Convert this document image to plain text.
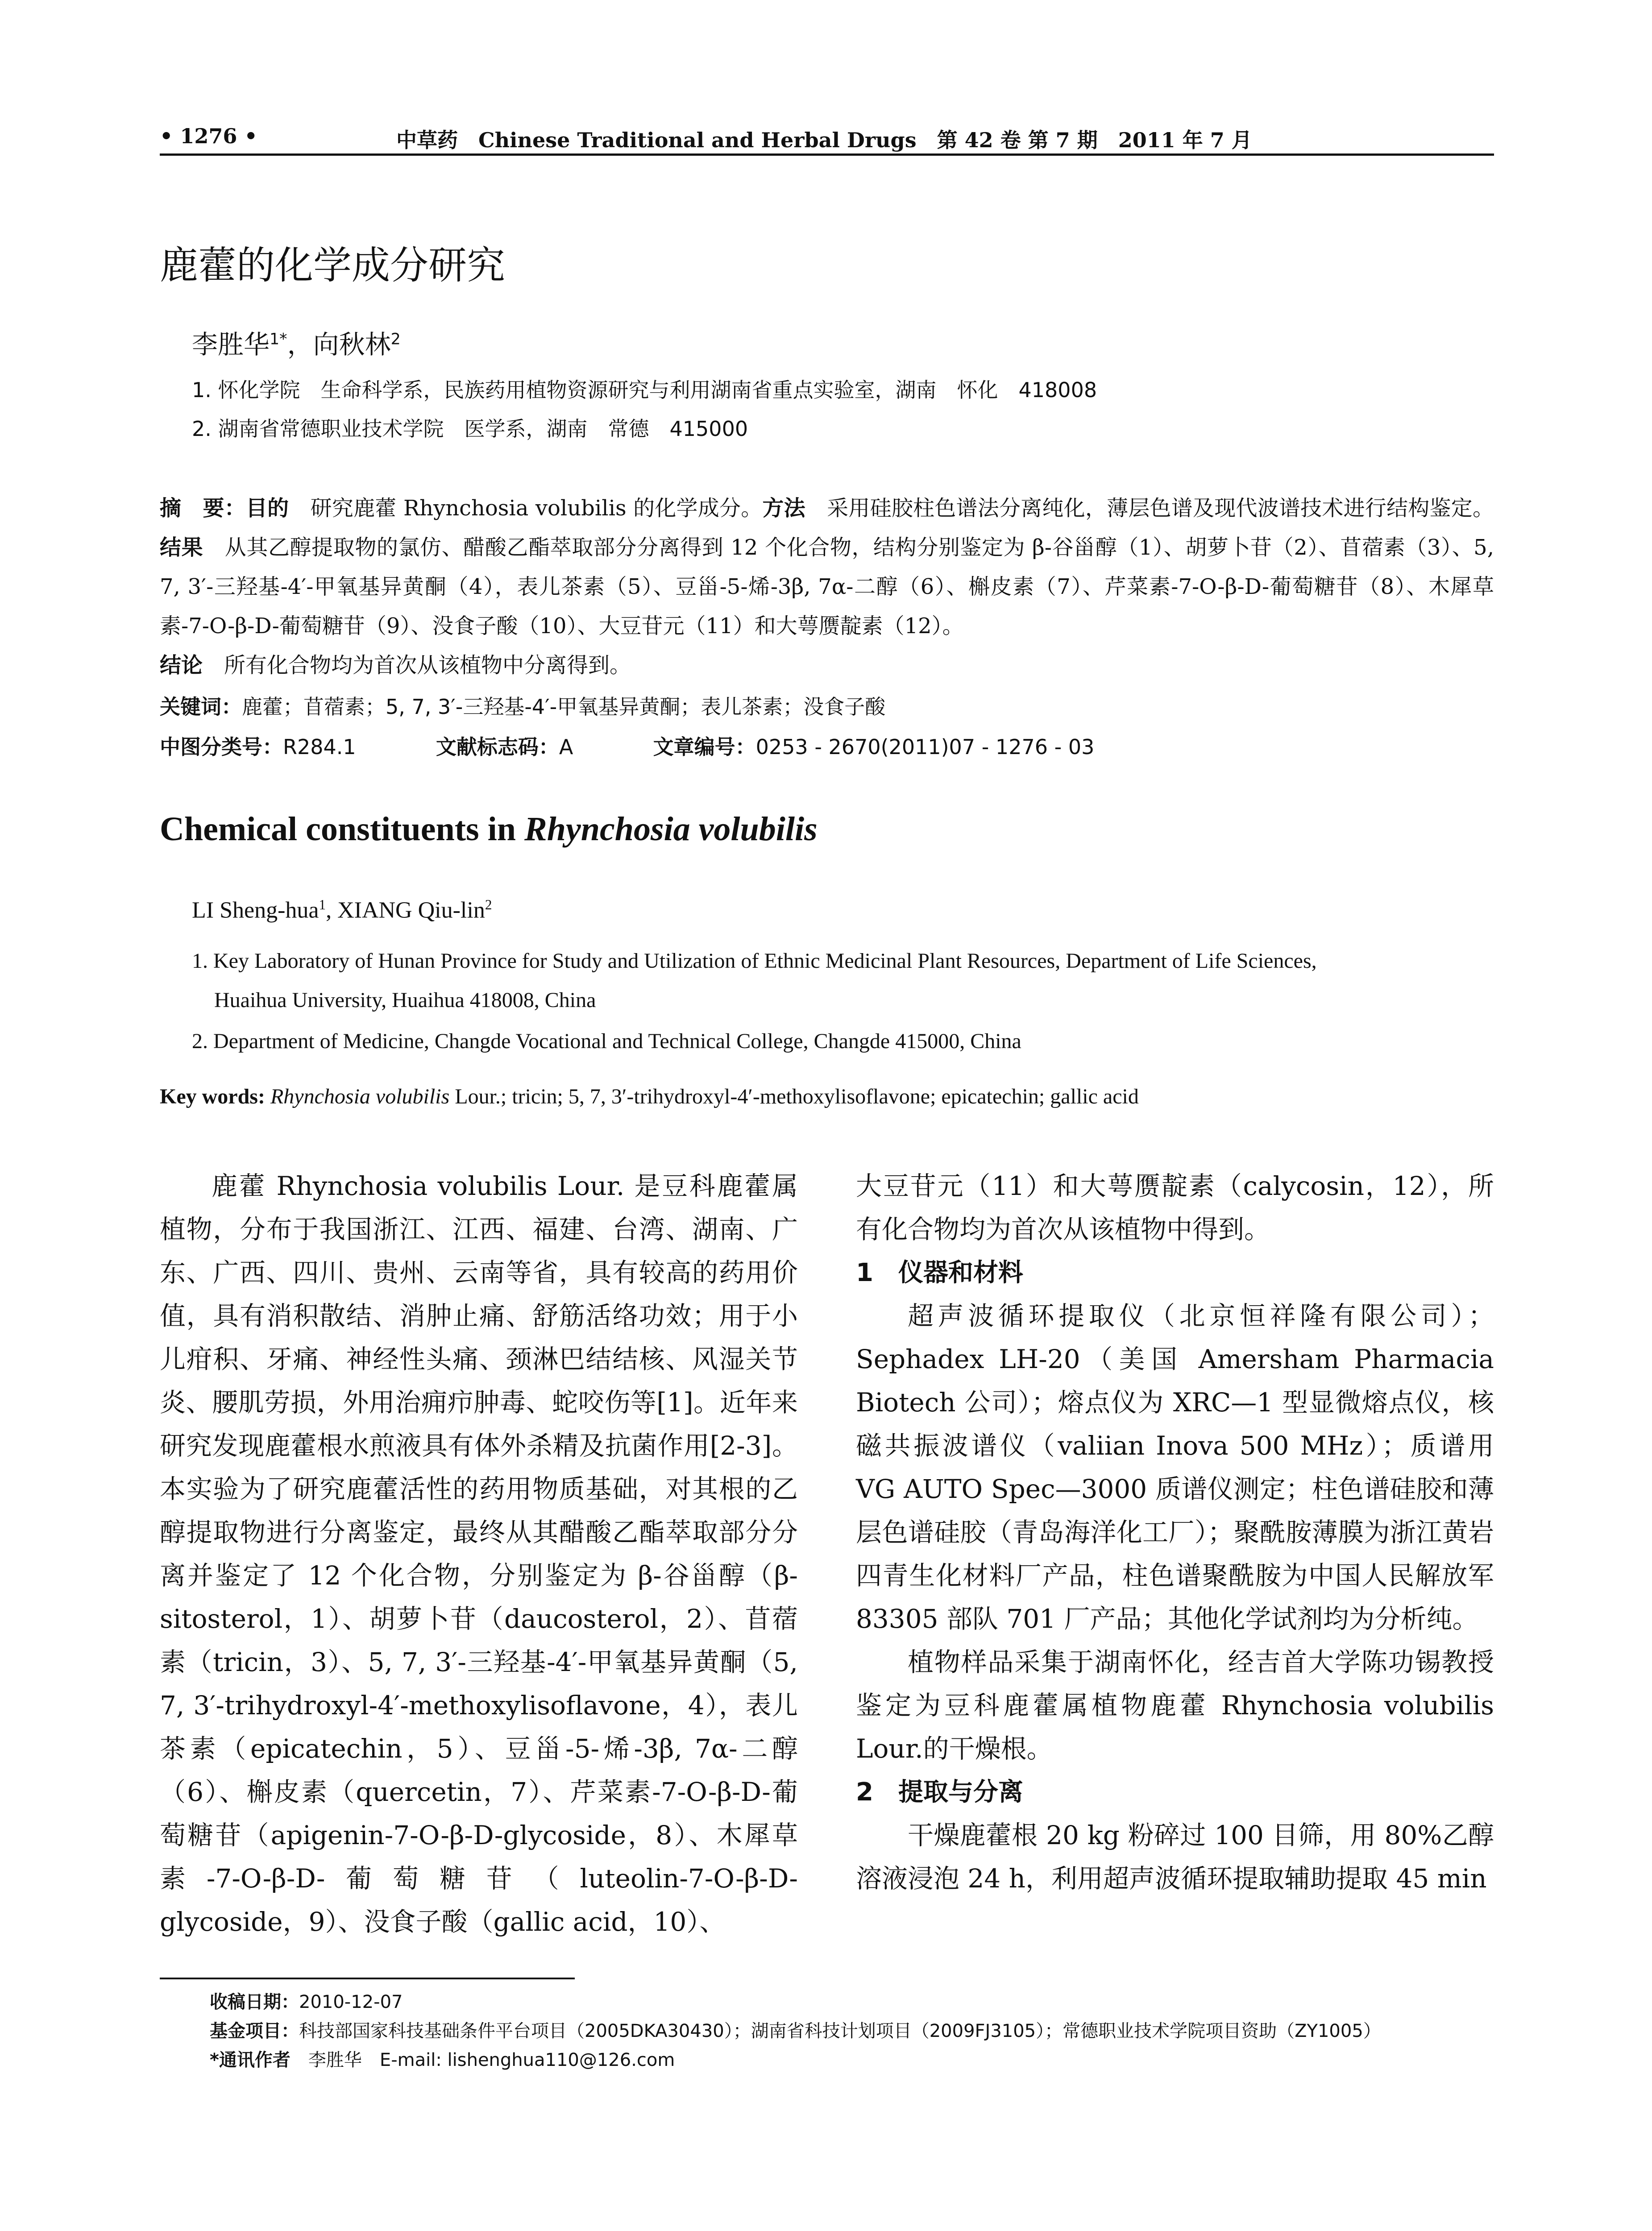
• 1276 •	中草药　Chinese Traditional and Herbal Drugs　第 42 卷 第 7 期　2011 年 7 月
鹿藿的化学成分研究
李胜华$^{1*}$，向秋林$^2$
1. 怀化学院　生命科学系，民族药用植物资源研究与利用湖南省重点实验室，湖南　怀化　418008
2. 湖南省常德职业技术学院　医学系，湖南　常德　415000
摘　要：目的　研究鹿藿 Rhynchosia volubilis 的化学成分。方法　采用硅胶柱色谱法分离纯化，薄层色谱及现代波谱技术进行结构鉴定。结果　从其乙醇提取物的氯仿、醋酸乙酯萃取部分分离得到 12 个化合物，结构分别鉴定为 β-谷甾醇（1）、胡萝卜苷（2）、苜蓿素（3）、5, 7, 3′-三羟基-4′-甲氧基异黄酮（4），表儿茶素（5）、豆甾-5-烯-3β, 7α-二醇（6）、槲皮素（7）、芹菜素-7-O-β-D-葡萄糖苷（8）、木犀草素-7-O-β-D-葡萄糖苷（9）、没食子酸（10）、大豆苷元（11）和大萼赝靛素（12）。
结论　所有化合物均为首次从该植物中分离得到。
关键词：鹿藿；苜蓿素；5, 7, 3′-三羟基-4′-甲氧基异黄酮；表儿茶素；没食子酸
中图分类号：R284.1	文献标志码：A	文章编号：0253 - 2670(2011)07 - 1276 - 03
Chemical constituents in Rhynchosia volubilis
LI Sheng-hua$^1$, XIANG Qiu-lin$^2$
1. Key Laboratory of Hunan Province for Study and Utilization of Ethnic Medicinal Plant Resources, Department of Life Sciences,
Huaihua University, Huaihua 418008, China
2. Department of Medicine, Changde Vocational and Technical College, Changde 415000, China
Key words: Rhynchosia volubilis Lour.; tricin; 5, 7, 3′-trihydroxyl-4′-methoxylisoflavone; epicatechin; gallic acid

鹿藿 Rhynchosia volubilis Lour. 是豆科鹿藿属植物，分布于我国浙江、江西、福建、台湾、湖南、广东、广西、四川、贵州、云南等省，具有较高的药用价值，具有消积散结、消肿止痛、舒筋活络功效；用于小儿疳积、牙痛、神经性头痛、颈淋巴结结核、风湿关节炎、腰肌劳损，外用治痈疖肿毒、蛇咬伤等[1]。近年来研究发现鹿藿根水煎液具有体外杀精及抗菌作用[2-3]。本实验为了研究鹿藿活性的药用物质基础，对其根的乙醇提取物进行分离鉴定，最终从其醋酸乙酯萃取部分分离并鉴定了 12 个化合物，分别鉴定为 β-谷甾醇（β-sitosterol，1）、胡萝卜苷（daucosterol，2）、苜蓿素（tricin，3）、5, 7, 3′-三羟基-4′-甲氧基异黄酮（5, 7, 3′-trihydroxyl-4′-methoxylisoflavone，4），表儿茶素（epicatechin，5）、豆甾-5-烯-3β, 7α-二醇（6）、槲皮素（quercetin，7）、芹菜素-7-O-β-D-葡萄糖苷（apigenin-7-O-β-D-glycoside，8）、木犀草素-7-O-β-D-葡萄糖苷（luteolin-7-O-β-D-glycoside，9）、没食子酸（gallic acid，10）、

大豆苷元（11）和大萼赝靛素（calycosin，12），所有化合物均为首次从该植物中得到。

1　仪器和材料

超声波循环提取仪（北京恒祥隆有限公司）；Sephadex LH-20（美国 Amersham Pharmacia Biotech 公司）；熔点仪为 XRC—1 型显微熔点仪，核磁共振波谱仪（valiian Inova 500 MHz）；质谱用 VG AUTO Spec—3000 质谱仪测定；柱色谱硅胶和薄层色谱硅胶（青岛海洋化工厂）；聚酰胺薄膜为浙江黄岩四青生化材料厂产品，柱色谱聚酰胺为中国人民解放军 83305 部队 701 厂产品；其他化学试剂均为分析纯。

植物样品采集于湖南怀化，经吉首大学陈功锡教授鉴定为豆科鹿藿属植物鹿藿 Rhynchosia volubilis Lour.的干燥根。

2　提取与分离

干燥鹿藿根 20 kg 粉碎过 100 目筛，用 80%乙醇溶液浸泡 24 h，利用超声波循环提取辅助提取 45 min

收稿日期：2010-12-07
基金项目：科技部国家科技基础条件平台项目（2005DKA30430）；湖南省科技计划项目（2009FJ3105）；常德职业技术学院项目资助（ZY1005）
*通讯作者　李胜华　E-mail: lishenghua110@126.com
